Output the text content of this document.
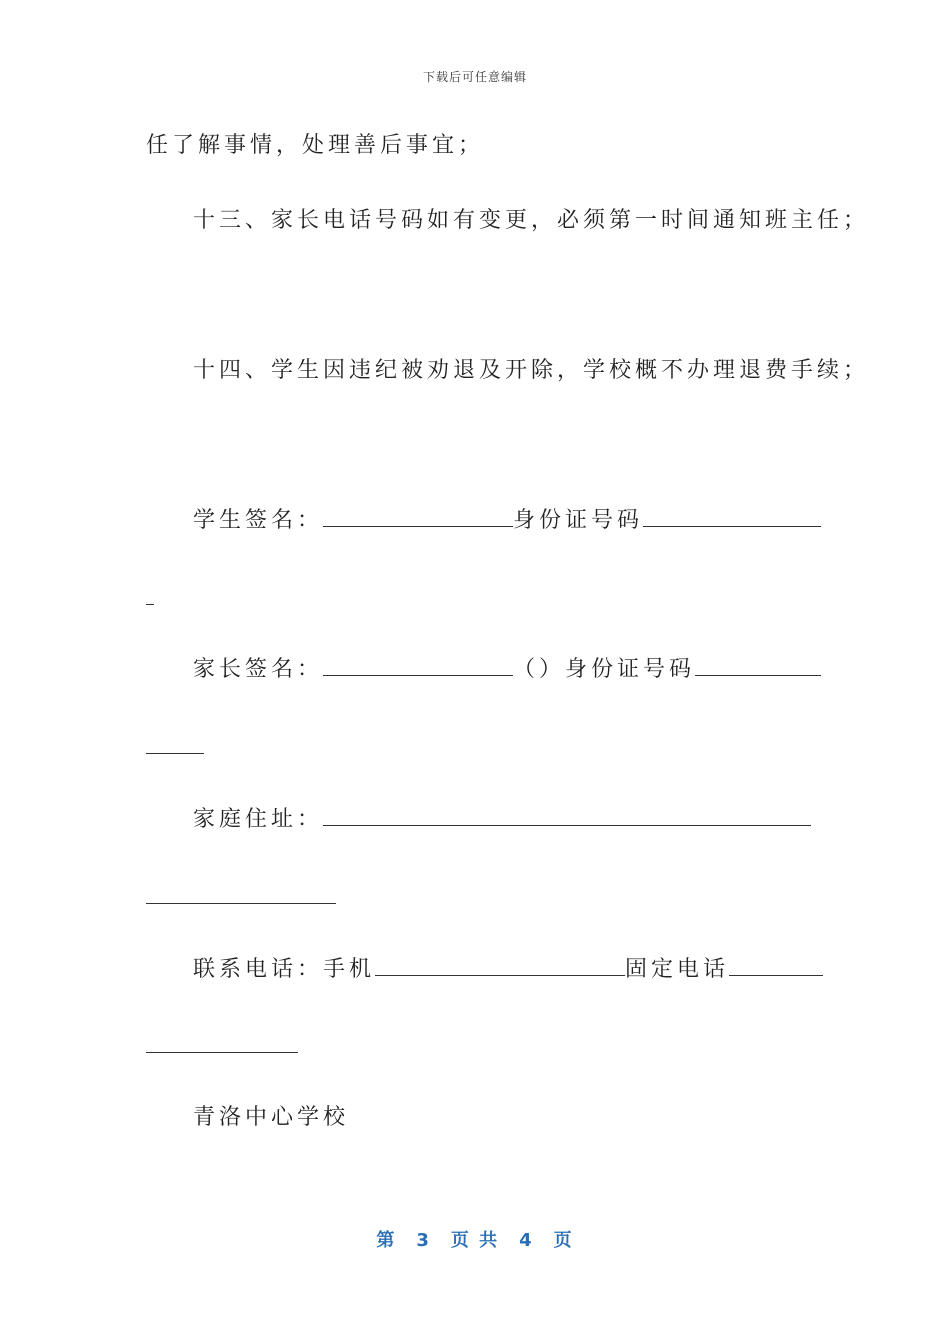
下载后可任意编辑
任了解事情，处理善后事宜；
十三、家长电话号码如有变更，必须第一时间通知班主任；
十四、学生因违纪被劝退及开除，学校概不办理退费手续；
学生签名：	身份证号码
家长签名：	（）身份证号码
家庭住址：
联系电话：手机	固定电话
青洛中心学校
第 3 页 共 4 页
